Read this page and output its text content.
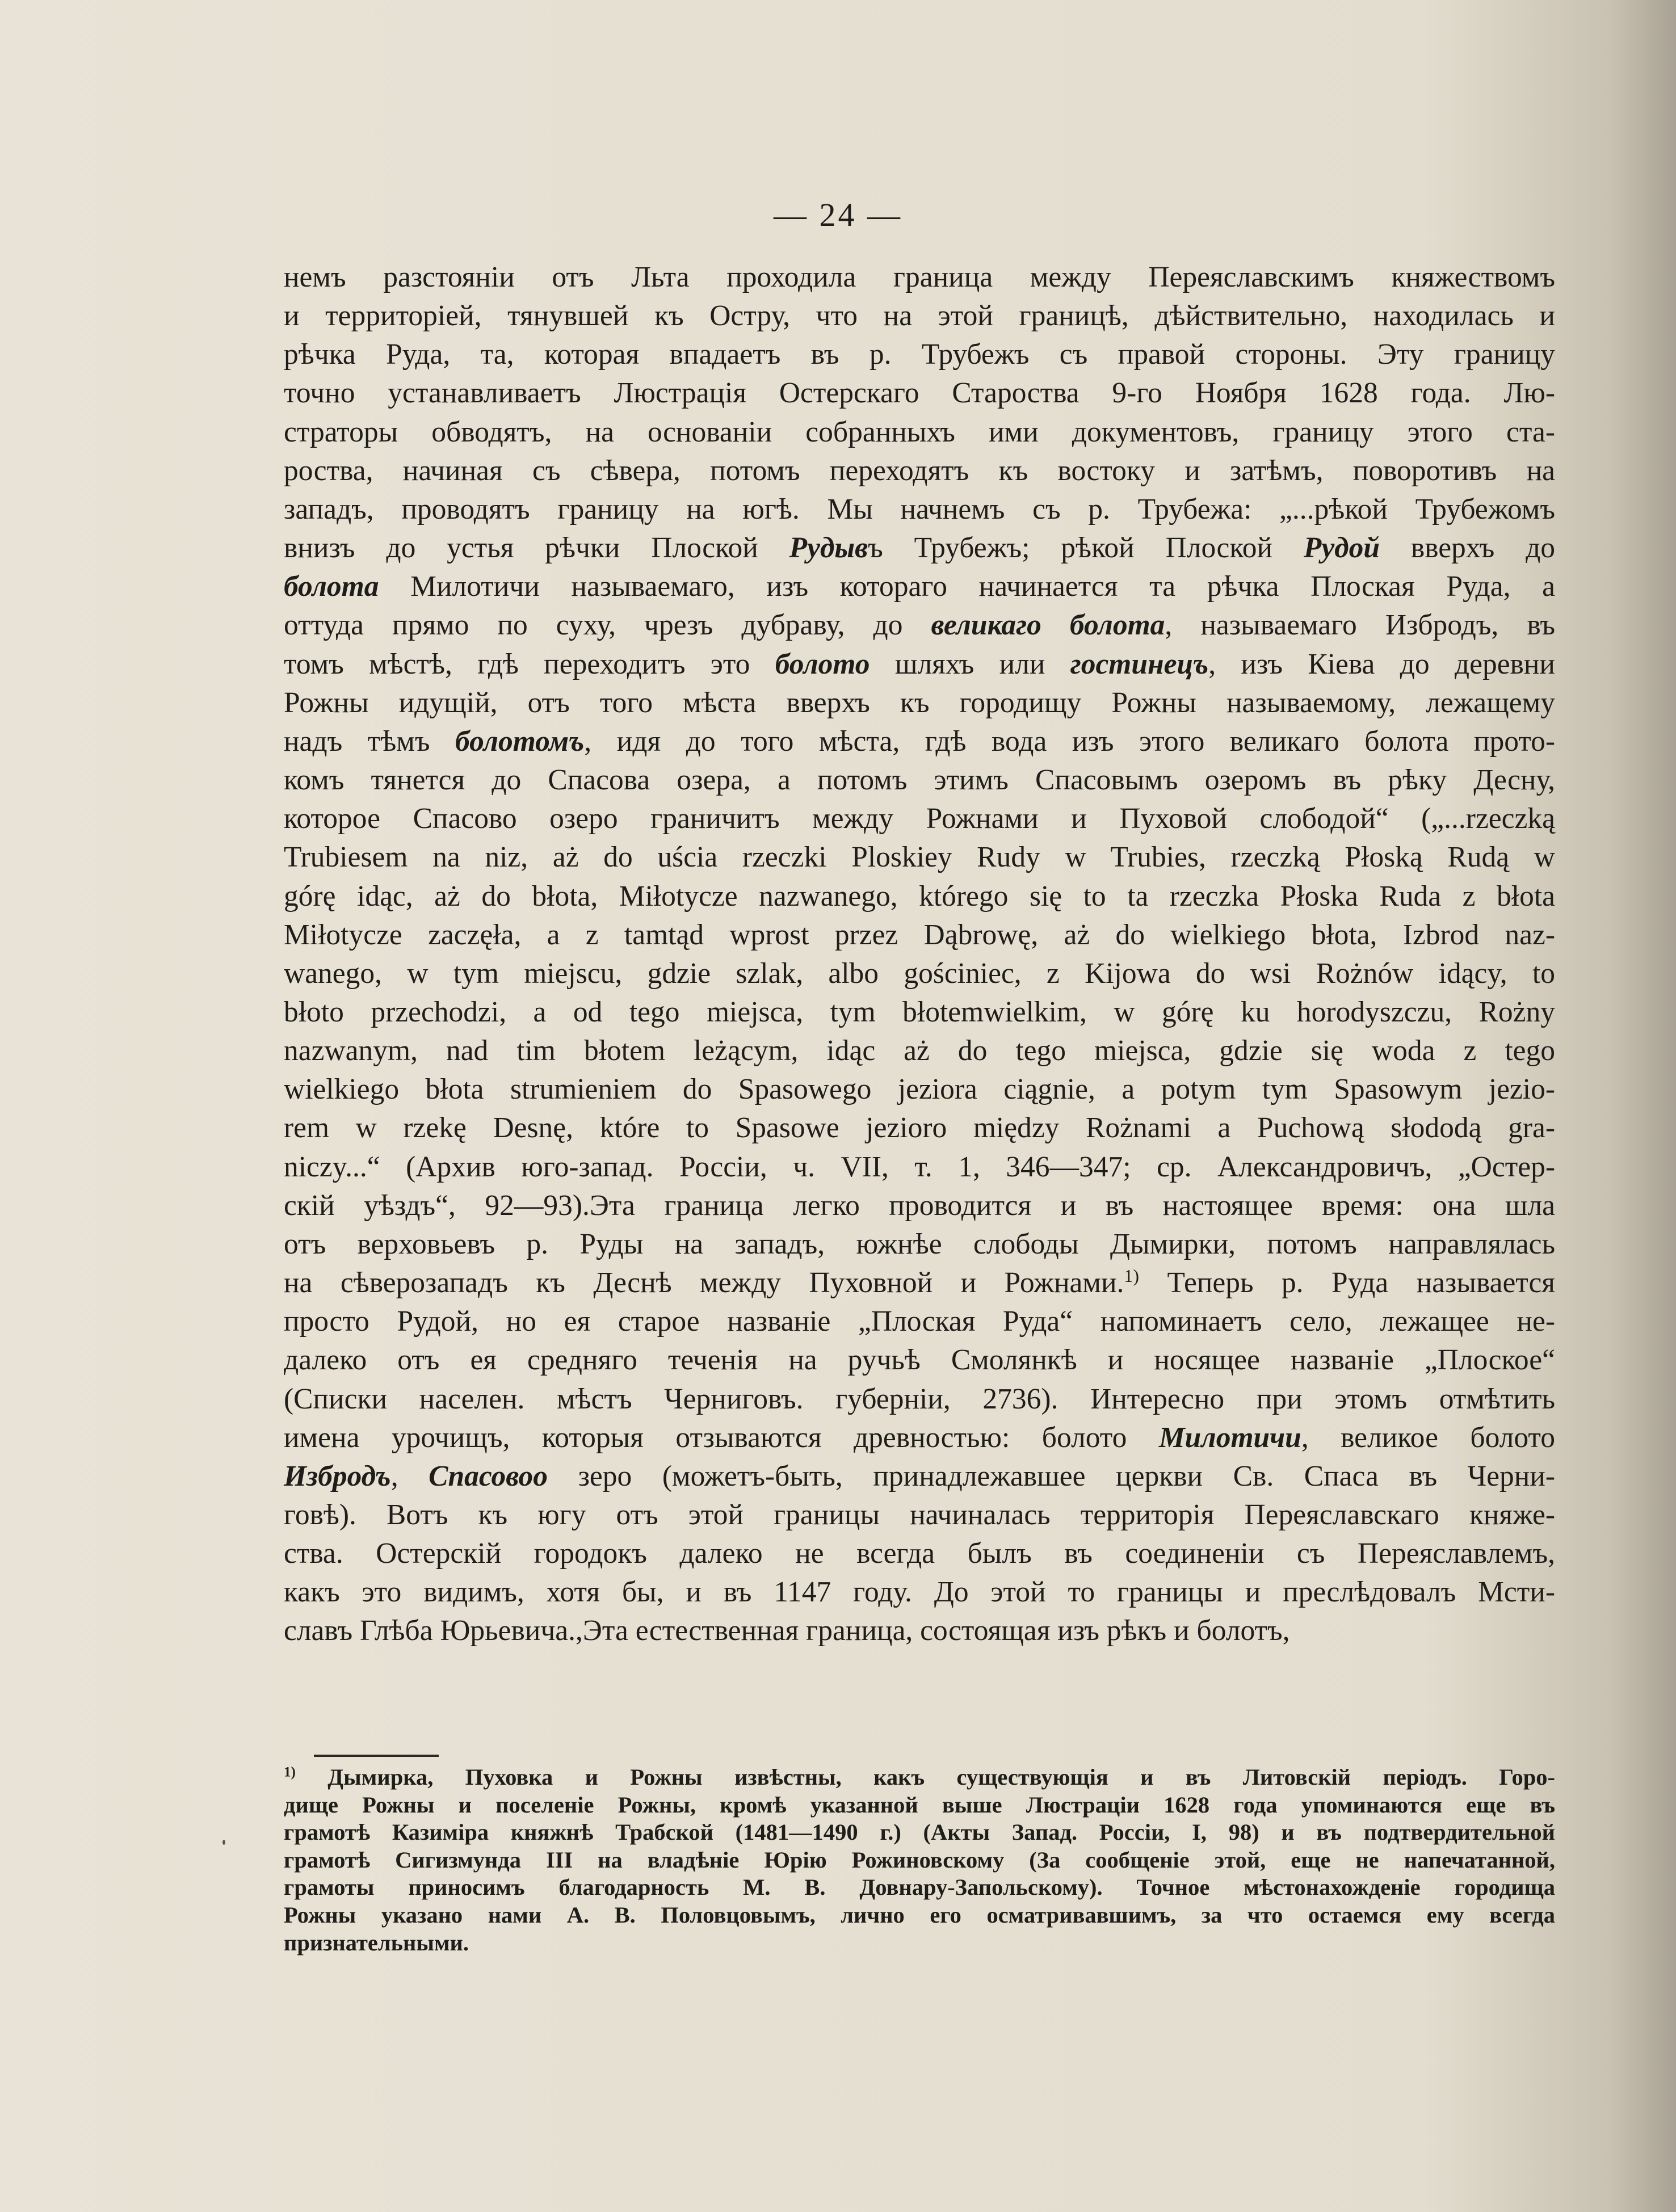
— 24 —
немъ разстояніи отъ Льта проходила граница между Переяславскимъ княжествомъ
и территоріей, тянувшей къ Остру, что на этой границѣ, дѣйствительно, находилась и
рѣчка Руда, та, которая впадаетъ въ р. Трубежъ съ правой стороны. Эту границу
точно устанавливаетъ Люстрація Остерскаго Староства 9-го Ноября 1628 года. Лю-
страторы обводятъ, на основаніи собранныхъ ими документовъ, границу этого ста-
роства, начиная съ сѣвера, потомъ переходятъ къ востоку и затѣмъ, поворотивъ на
западъ, проводятъ границу на югѣ. Мы начнемъ съ р. Трубежа: „...рѣкой Трубежомъ
внизъ до устья рѣчки Плоской Рудывъ Трубежъ; рѣкой Плоской Рудой вверхъ до
болота Милотичи называемаго, изъ котораго начинается та рѣчка Плоская Руда, а
оттуда прямо по суху, чрезъ дубраву, до великаго болота, называемаго Избродъ, въ
томъ мѣстѣ, гдѣ переходитъ это болото шляхъ или гостинецъ, изъ Кіева до деревни
Рожны идущій, отъ того мѣста вверхъ къ городищу Рожны называемому, лежащему
надъ тѣмъ болотомъ, идя до того мѣста, гдѣ вода изъ этого великаго болота прото-
комъ тянется до Спасова озера, а потомъ этимъ Спасовымъ озеромъ въ рѣку Десну,
которое Спасово озеро граничитъ между Рожнами и Пуховой слободой“ („...rzeczką
Trubiesem na niz, aż do uścia rzeczki Ploskiey Rudy w Trubies, rzeczką Płoską Rudą w
górę idąc, aż do błota, Miłotycze nazwanego, którego się to ta rzeczka Płoska Ruda z błota
Miłotycze zaczęła, a z tamtąd wprost przez Dąbrowę, aż do wielkiego błota, Izbrod naz-
wanego, w tym miejscu, gdzie szlak, albo gościniec, z Kijowa do wsi Rożnów idący, to
błoto przechodzi, a od tego miejsca, tym błotemwielkim, w górę ku horodyszczu, Rożny
nazwanym, nad tim błotem leżącym, idąc aż do tego miejsca, gdzie się woda z tego
wielkiego błota strumieniem do Spasowego jeziora ciągnie, a potym tym Spasowym jezio-
rem w rzekę Desnę, które to Spasowe jezioro między Rożnami a Puchową słododą gra-
niczy...“ (Архив юго-запад. Россіи, ч. VII, т. 1, 346—347; ср. Александровичъ, „Остер-
скій уѣздъ“, 92—93).Эта граница легко проводится и въ настоящее время: она шла
отъ верховьевъ р. Руды на западъ, южнѣе слободы Дымирки, потомъ направлялась
на сѣверозападъ къ Деснѣ между Пуховной и Рожнами.$^{1)}$ Теперь р. Руда называется
просто Рудой, но ея старое названіе „Плоская Руда“ напоминаетъ село, лежащее не-
далеко отъ ея средняго теченія на ручьѣ Смолянкѣ и носящее названіе „Плоское“
(Списки населен. мѣстъ Черниговъ. губерніи, 2736). Интересно при этомъ отмѣтить
имена урочищъ, которыя отзываются древностью: болото Милотичи, великое болото
Избродъ, Спасовоо зеро (можетъ-быть, принадлежавшее церкви Св. Спаса въ Черни-
говѣ). Вотъ къ югу отъ этой границы начиналась территорія Переяславскаго княже-
ства. Остерскій городокъ далеко не всегда былъ въ соединеніи съ Переяславлемъ,
какъ это видимъ, хотя бы, и въ 1147 году. До этой то границы и преслѣдовалъ Мсти-
славъ Глѣба Юрьевича.,Эта естественная граница, состоящая изъ рѣкъ и болотъ,
$^{1)}$ Дымирка, Пуховка и Рожны извѣстны, какъ существующія и въ Литовскій періодъ. Горо-
дище Рожны и поселеніе Рожны, кромѣ указанной выше Люстраціи 1628 года упоминаются еще въ
грамотѣ Казиміра княжнѣ Трабской (1481—1490 г.) (Акты Запад. Россіи, I, 98) и въ подтвердительной
грамотѣ Сигизмунда III на владѣніе Юрію Рожиновскому (За сообщеніе этой, еще не напечатанной,
грамоты приносимъ благодарность М. В. Довнару-Запольскому). Точное мѣстонахожденіе городища
Рожны указано нами А. В. Половцовымъ, лично его осматривавшимъ, за что остаемся ему всегда
признательными.
